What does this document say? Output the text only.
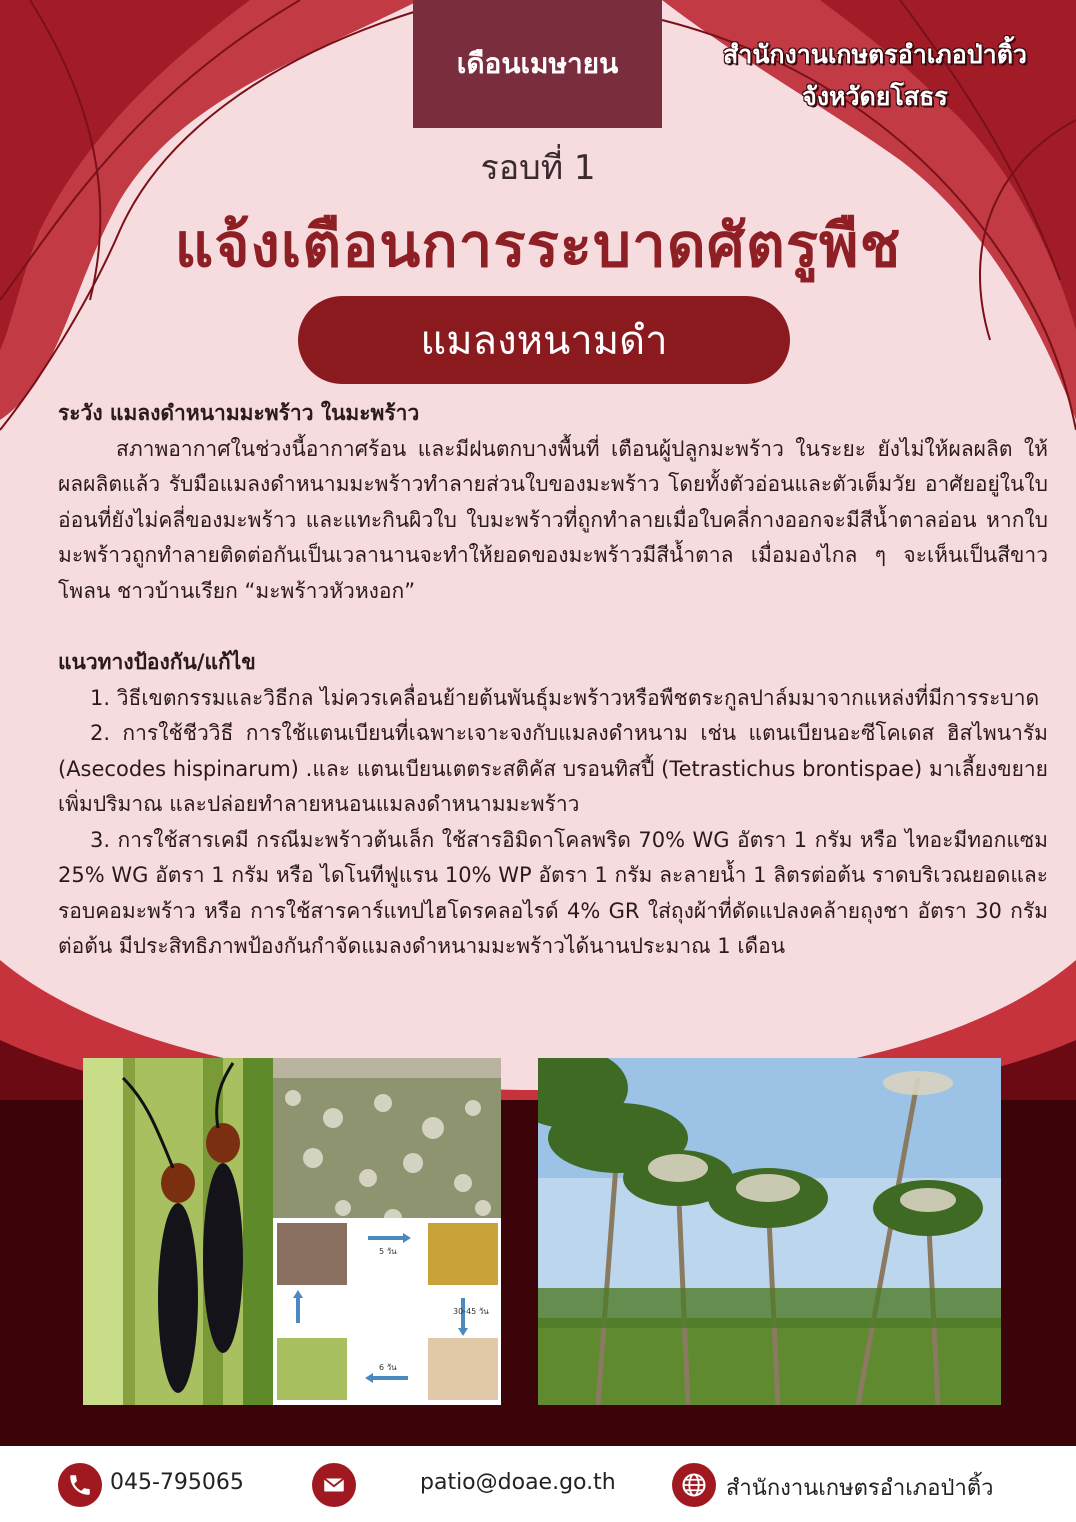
เดือนเมษายน	สำนักงานเกษตรอำเภอป่าติ้ว
จังหวัดยโสธร
รอบที่ 1
แจ้งเตือนการระบาดศัตรูพืช
แมลงหนามดำ

ระวัง แมลงดำหนามมะพร้าว ในมะพร้าว

สภาพอากาศในช่วงนี้อากาศร้อน และมีฝนตกบางพื้นที่ เตือนผู้ปลูกมะพร้าว ในระยะ ยังไม่ให้ผลผลิต ให้ผลผลิตแล้ว รับมือแมลงดำหนามมะพร้าวทำลายส่วนใบของมะพร้าว โดยทั้งตัวอ่อนและตัวเต็มวัย อาศัยอยู่ในใบอ่อนที่ยังไม่คลี่ของมะพร้าว และแทะกินผิวใบ ใบมะพร้าวที่ถูกทำลายเมื่อใบคลี่กางออกจะมีสีน้ำตาลอ่อน หากใบมะพร้าวถูกทำลายติดต่อกันเป็นเวลานานจะทำให้ยอดของมะพร้าวมีสีน้ำตาล เมื่อมองไกล ๆ จะเห็นเป็นสีขาวโพลน ชาวบ้านเรียก “มะพร้าวหัวหงอก”

แนวทางป้องกัน/แก้ไข

1. วิธีเขตกรรมและวิธีกล ไม่ควรเคลื่อนย้ายต้นพันธุ์มะพร้าวหรือพืชตระกูลปาล์มมาจากแหล่งที่มีการระบาด

2. การใช้ชีววิธี การใช้แตนเบียนที่เฉพาะเจาะจงกับแมลงดำหนาม เช่น แตนเบียนอะซีโคเดส ฮิสไพนารัม (Asecodes hispinarum) .และ แตนเบียนเตตระสติคัส บรอนทิสปี้ (Tetrastichus brontispae) มาเลี้ยงขยายเพิ่มปริมาณ และปล่อยทำลายหนอนแมลงดำหนามมะพร้าว

3. การใช้สารเคมี กรณีมะพร้าวต้นเล็ก ใช้สารอิมิดาโคลพริด 70% WG อัตรา 1 กรัม หรือ ไทอะมีทอกแซม 25% WG อัตรา 1 กรัม หรือ ไดโนทีฟูแรน 10% WP อัตรา 1 กรัม ละลายน้ำ 1 ลิตรต่อต้น ราดบริเวณยอดและรอบคอมะพร้าว หรือ การใช้สารคาร์แทปไฮโดรคลอไรด์ 4% GR ใส่ถุงผ้าที่ดัดแปลงคล้ายถุงชา อัตรา 30 กรัมต่อต้น มีประสิทธิภาพป้องกันกำจัดแมลงดำหนามมะพร้าวได้นานประมาณ 1 เดือน

5 วัน
30-45 วัน
6 วัน
045-795065	patio@doae.go.th	สำนักงานเกษตรอำเภอป่าติ้ว
